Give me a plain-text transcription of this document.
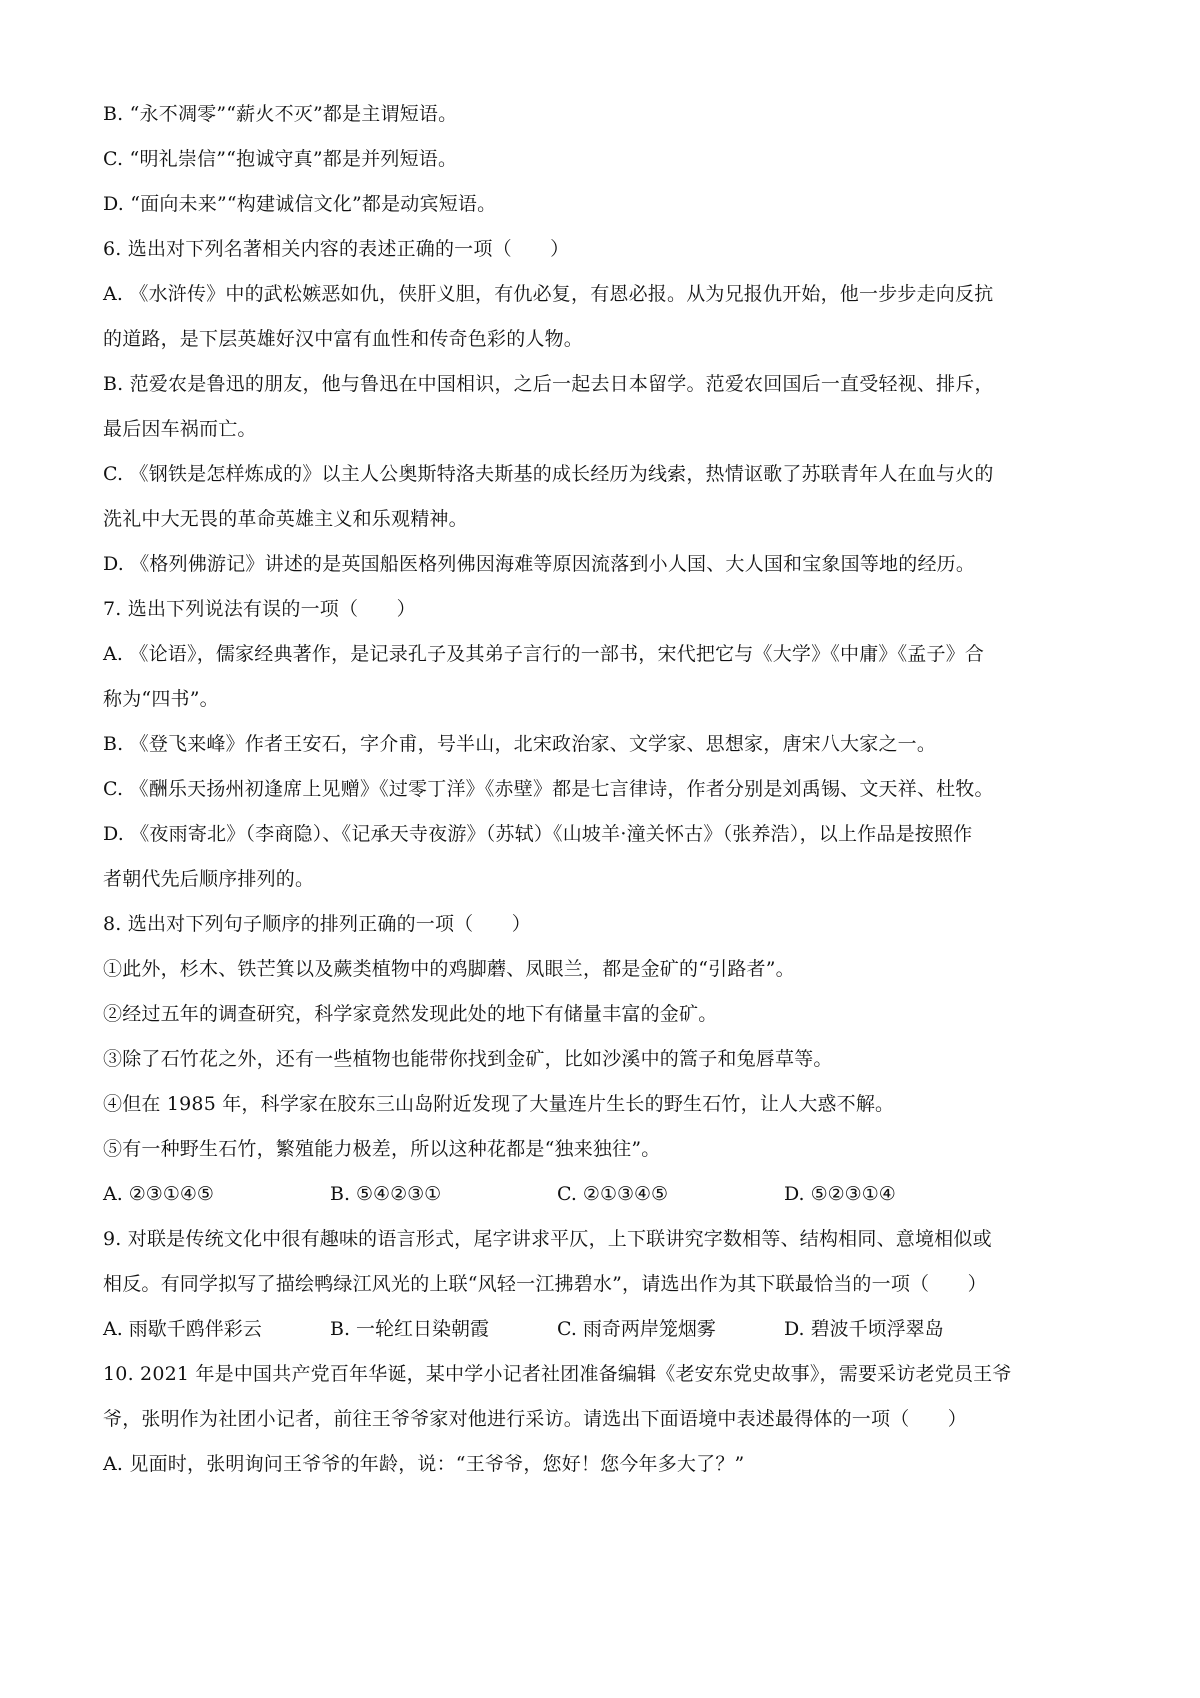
B. “永不凋零”“薪火不灭”都是主谓短语。
C. “明礼崇信”“抱诚守真”都是并列短语。
D. “面向未来”“构建诚信文化”都是动宾短语。
6. 选出对下列名著相关内容的表述正确的一项（　　）
A. 《水浒传》中的武松嫉恶如仇，侠肝义胆，有仇必复，有恩必报。从为兄报仇开始，他一步步走向反抗
的道路，是下层英雄好汉中富有血性和传奇色彩的人物。
B. 范爱农是鲁迅的朋友，他与鲁迅在中国相识，之后一起去日本留学。范爱农回国后一直受轻视、排斥，
最后因车祸而亡。
C. 《钢铁是怎样炼成的》以主人公奥斯特洛夫斯基的成长经历为线索，热情讴歌了苏联青年人在血与火的
洗礼中大无畏的革命英雄主义和乐观精神。
D. 《格列佛游记》讲述的是英国船医格列佛因海难等原因流落到小人国、大人国和宝象国等地的经历。
7. 选出下列说法有误的一项（　　）
A. 《论语》，儒家经典著作，是记录孔子及其弟子言行的一部书，宋代把它与《大学》《中庸》《孟子》合
称为“四书”。
B. 《登飞来峰》作者王安石，字介甫，号半山，北宋政治家、文学家、思想家，唐宋八大家之一。
C. 《酬乐天扬州初逢席上见赠》《过零丁洋》《赤壁》都是七言律诗，作者分别是刘禹锡、文天祥、杜牧。
D. 《夜雨寄北》（李商隐）、《记承天寺夜游》（苏轼）《山坡羊·潼关怀古》（张养浩），以上作品是按照作
者朝代先后顺序排列的。
8. 选出对下列句子顺序的排列正确的一项（　　）
①此外，杉木、铁芒箕以及蕨类植物中的鸡脚蘑、凤眼兰，都是金矿的“引路者”。
②经过五年的调查研究，科学家竟然发现此处的地下有储量丰富的金矿。
③除了石竹花之外，还有一些植物也能带你找到金矿，比如沙溪中的篙子和兔唇草等。
④但在 1985 年，科学家在胶东三山岛附近发现了大量连片生长的野生石竹，让人大惑不解。
⑤有一种野生石竹，繁殖能力极差，所以这种花都是“独来独往”。
A. ②③①④⑤	B. ⑤④②③①	C. ②①③④⑤	D. ⑤②③①④
9. 对联是传统文化中很有趣味的语言形式，尾字讲求平仄，上下联讲究字数相等、结构相同、意境相似或
相反。有同学拟写了描绘鸭绿江风光的上联“风轻一江拂碧水”，请选出作为其下联最恰当的一项（　　）
A. 雨歇千鸥伴彩云	B. 一轮红日染朝霞	C. 雨奇两岸笼烟雾	D. 碧波千顷浮翠岛
10. 2021 年是中国共产党百年华诞，某中学小记者社团准备编辑《老安东党史故事》，需要采访老党员王爷
爷，张明作为社团小记者，前往王爷爷家对他进行采访。请选出下面语境中表述最得体的一项（　　）
A. 见面时，张明询问王爷爷的年龄，说：“王爷爷，您好！您今年多大了？”
